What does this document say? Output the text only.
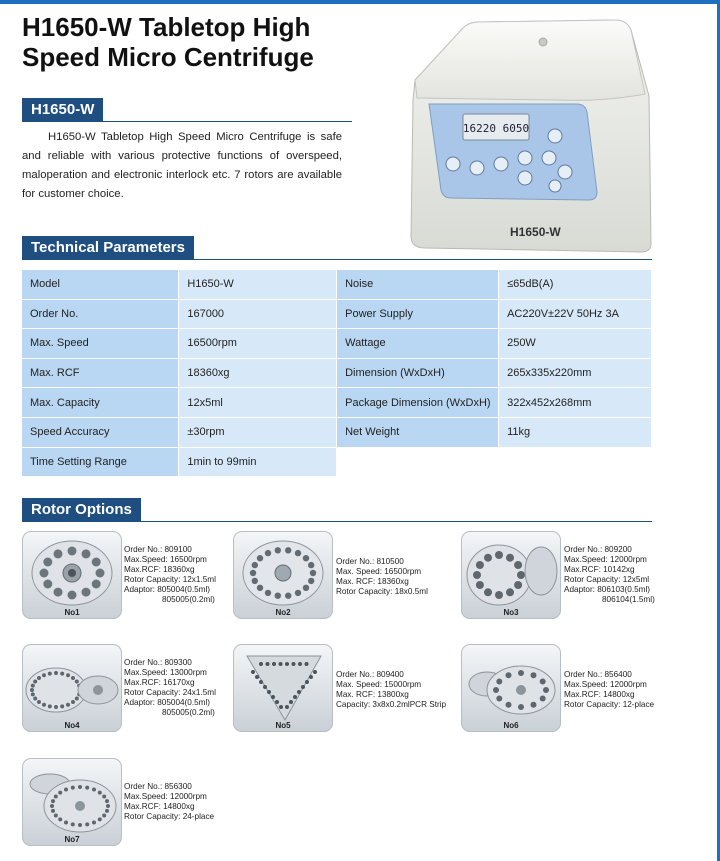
H1650-W Tabletop High
Speed Micro Centrifuge
H1650-W

H1650-W Tabletop High Speed Micro Centrifuge is safe and reliable with various protective functions of overspeed, maloperation and electronic interlock etc. 7 rotors are available for customer choice.

16220 6050
H1650-W
Technical Parameters
Model	H1650-W	Noise	≤65dB(A)
Order No.	167000	Power Supply	AC220V±22V 50Hz 3A
Max. Speed	16500rpm	Wattage	250W
Max. RCF	18360xg	Dimension (WxDxH)	265x335x220mm
Max. Capacity	12x5ml	Package Dimension (WxDxH)	322x452x268mm
Speed Accuracy	±30rpm	Net Weight	11kg
Time Setting Range	1min to 99min		
Rotor Options
No1
Order No.: 809100
Max.Speed: 16500rpm
Max.RCF: 18360xg
Rotor Capacity: 12x1.5ml
Adaptor: 805004(0.5ml)
805005(0.2ml)
No2
Order No.: 810500
Max. Speed: 16500rpm
Max. RCF: 18360xg
Rotor Capacity: 18x0.5ml
No3
Order No.: 809200
Max.Speed: 12000rpm
Max.RCF: 10142xg
Rotor Capacity: 12x5ml
Adaptor: 806103(0.5ml)
806104(1.5ml)
No4
Order No.: 809300
Max.Speed: 13000rpm
Max.RCF: 16170xg
Rotor Capacity: 24x1.5ml
Adaptor: 805004(0.5ml)
805005(0.2ml)
No5
Order No.: 809400
Max. Speed: 15000rpm
Max. RCF: 13800xg
Capacity: 3x8x0.2mlPCR Strip
No6
Order No.: 856400
Max.Speed: 12000rpm
Max.RCF: 14800xg
Rotor Capacity: 12-place
No7
Order No.: 856300
Max.Speed: 12000rpm
Max.RCF: 14800xg
Rotor Capacity: 24-place
